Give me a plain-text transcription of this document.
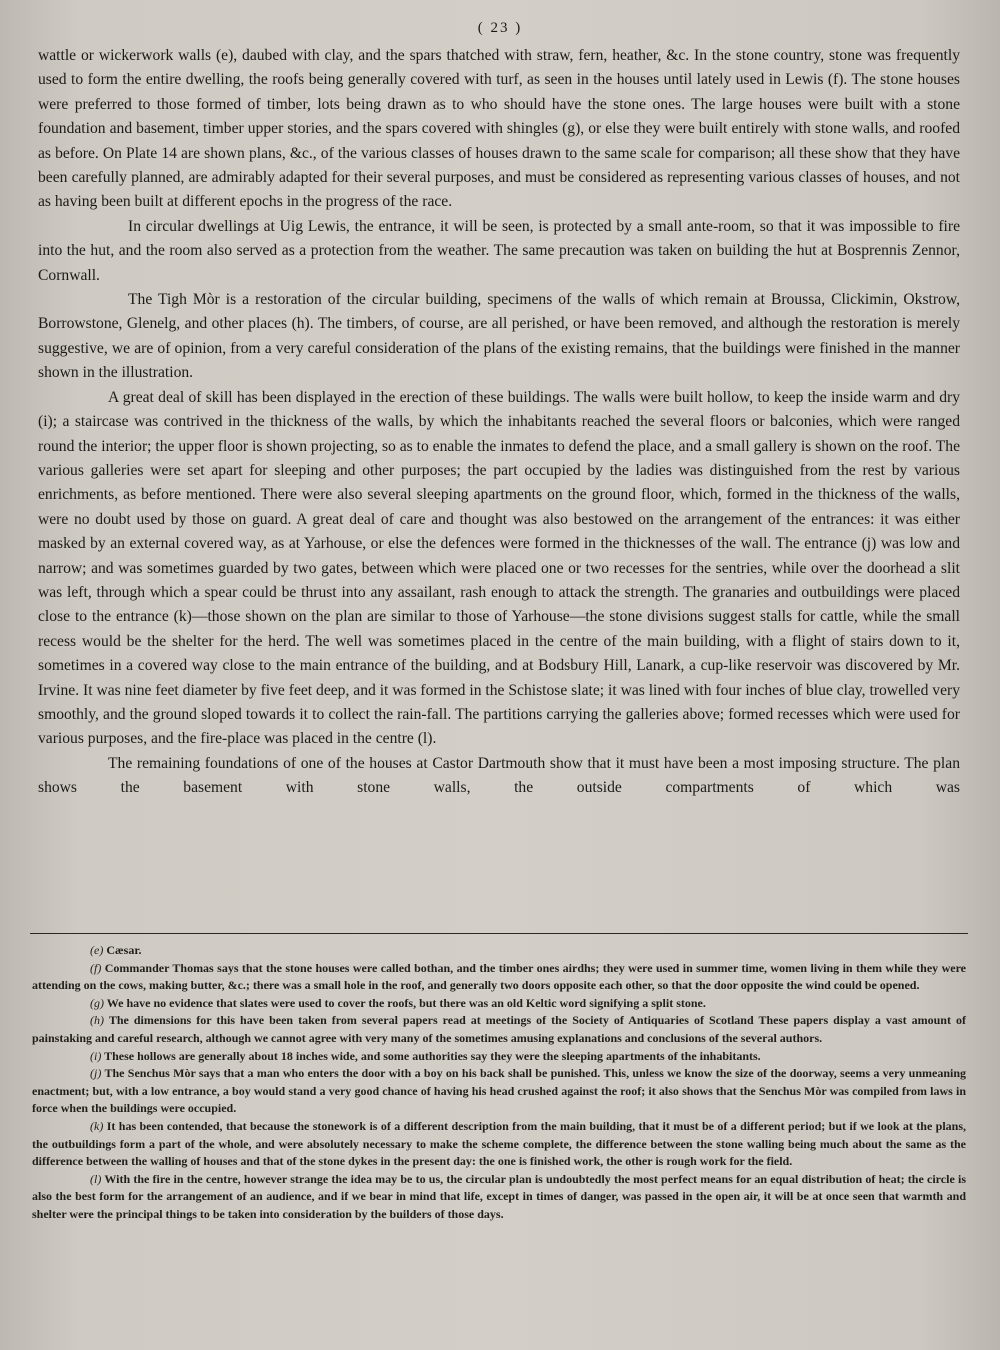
( 23 )

wattle or wickerwork walls (e), daubed with clay, and the spars thatched with straw, fern, heather, &c. In the stone country, stone was frequently used to form the entire dwelling, the roofs being generally covered with turf, as seen in the houses until lately used in Lewis (f). The stone houses were preferred to those formed of timber, lots being drawn as to who should have the stone ones. The large houses were built with a stone foundation and basement, timber upper stories, and the spars covered with shingles (g), or else they were built entirely with stone walls, and roofed as before. On Plate 14 are shown plans, &c., of the various classes of houses drawn to the same scale for comparison; all these show that they have been carefully planned, are admirably adapted for their several purposes, and must be considered as representing various classes of houses, and not as having been built at different epochs in the progress of the race.

In circular dwellings at Uig Lewis, the entrance, it will be seen, is protected by a small ante-room, so that it was impossible to fire into the hut, and the room also served as a protection from the weather. The same precaution was taken on building the hut at Bosprennis Zennor, Cornwall.

The Tigh Mòr is a restoration of the circular building, specimens of the walls of which remain at Broussa, Clickimin, Okstrow, Borrowstone, Glenelg, and other places (h). The timbers, of course, are all perished, or have been removed, and although the restoration is merely suggestive, we are of opinion, from a very careful consideration of the plans of the existing remains, that the buildings were finished in the manner shown in the illustration.

A great deal of skill has been displayed in the erection of these buildings. The walls were built hollow, to keep the inside warm and dry (i); a staircase was contrived in the thickness of the walls, by which the inhabitants reached the several floors or balconies, which were ranged round the interior; the upper floor is shown projecting, so as to enable the inmates to defend the place, and a small gallery is shown on the roof. The various galleries were set apart for sleeping and other purposes; the part occupied by the ladies was distinguished from the rest by various enrichments, as before mentioned. There were also several sleeping apartments on the ground floor, which, formed in the thickness of the walls, were no doubt used by those on guard. A great deal of care and thought was also bestowed on the arrangement of the entrances: it was either masked by an external covered way, as at Yarhouse, or else the defences were formed in the thicknesses of the wall. The entrance (j) was low and narrow; and was sometimes guarded by two gates, between which were placed one or two recesses for the sentries, while over the doorhead a slit was left, through which a spear could be thrust into any assailant, rash enough to attack the strength. The granaries and outbuildings were placed close to the entrance (k)—those shown on the plan are similar to those of Yarhouse—the stone divisions suggest stalls for cattle, while the small recess would be the shelter for the herd. The well was sometimes placed in the centre of the main building, with a flight of stairs down to it, sometimes in a covered way close to the main entrance of the building, and at Bodsbury Hill, Lanark, a cup-like reservoir was discovered by Mr. Irvine. It was nine feet diameter by five feet deep, and it was formed in the Schistose slate; it was lined with four inches of blue clay, trowelled very smoothly, and the ground sloped towards it to collect the rain-fall. The partitions carrying the galleries above; formed recesses which were used for various purposes, and the fire-place was placed in the centre (l).

The remaining foundations of one of the houses at Castor Dartmouth show that it must have been a most imposing structure. The plan shows the basement with stone walls, the outside compartments of which was

(e) Cæsar.

(f) Commander Thomas says that the stone houses were called bothan, and the timber ones airdhs; they were used in summer time, women living in them while they were attending on the cows, making butter, &c.; there was a small hole in the roof, and generally two doors opposite each other, so that the door opposite the wind could be opened.

(g) We have no evidence that slates were used to cover the roofs, but there was an old Keltic word signifying a split stone.

(h) The dimensions for this have been taken from several papers read at meetings of the Society of Antiquaries of Scotland These papers display a vast amount of painstaking and careful research, although we cannot agree with very many of the sometimes amusing explanations and conclusions of the several authors.

(i) These hollows are generally about 18 inches wide, and some authorities say they were the sleeping apartments of the inhabitants.

(j) The Senchus Mòr says that a man who enters the door with a boy on his back shall be punished. This, unless we know the size of the doorway, seems a very unmeaning enactment; but, with a low entrance, a boy would stand a very good chance of having his head crushed against the roof; it also shows that the Senchus Mòr was compiled from laws in force when the buildings were occupied.

(k) It has been contended, that because the stonework is of a different description from the main building, that it must be of a different period; but if we look at the plans, the outbuildings form a part of the whole, and were absolutely necessary to make the scheme complete, the difference between the stone walling being much about the same as the difference between the walling of houses and that of the stone dykes in the present day: the one is finished work, the other is rough work for the field.

(l) With the fire in the centre, however strange the idea may be to us, the circular plan is undoubtedly the most perfect means for an equal distribution of heat; the circle is also the best form for the arrangement of an audience, and if we bear in mind that life, except in times of danger, was passed in the open air, it will be at once seen that warmth and shelter were the principal things to be taken into consideration by the builders of those days.
